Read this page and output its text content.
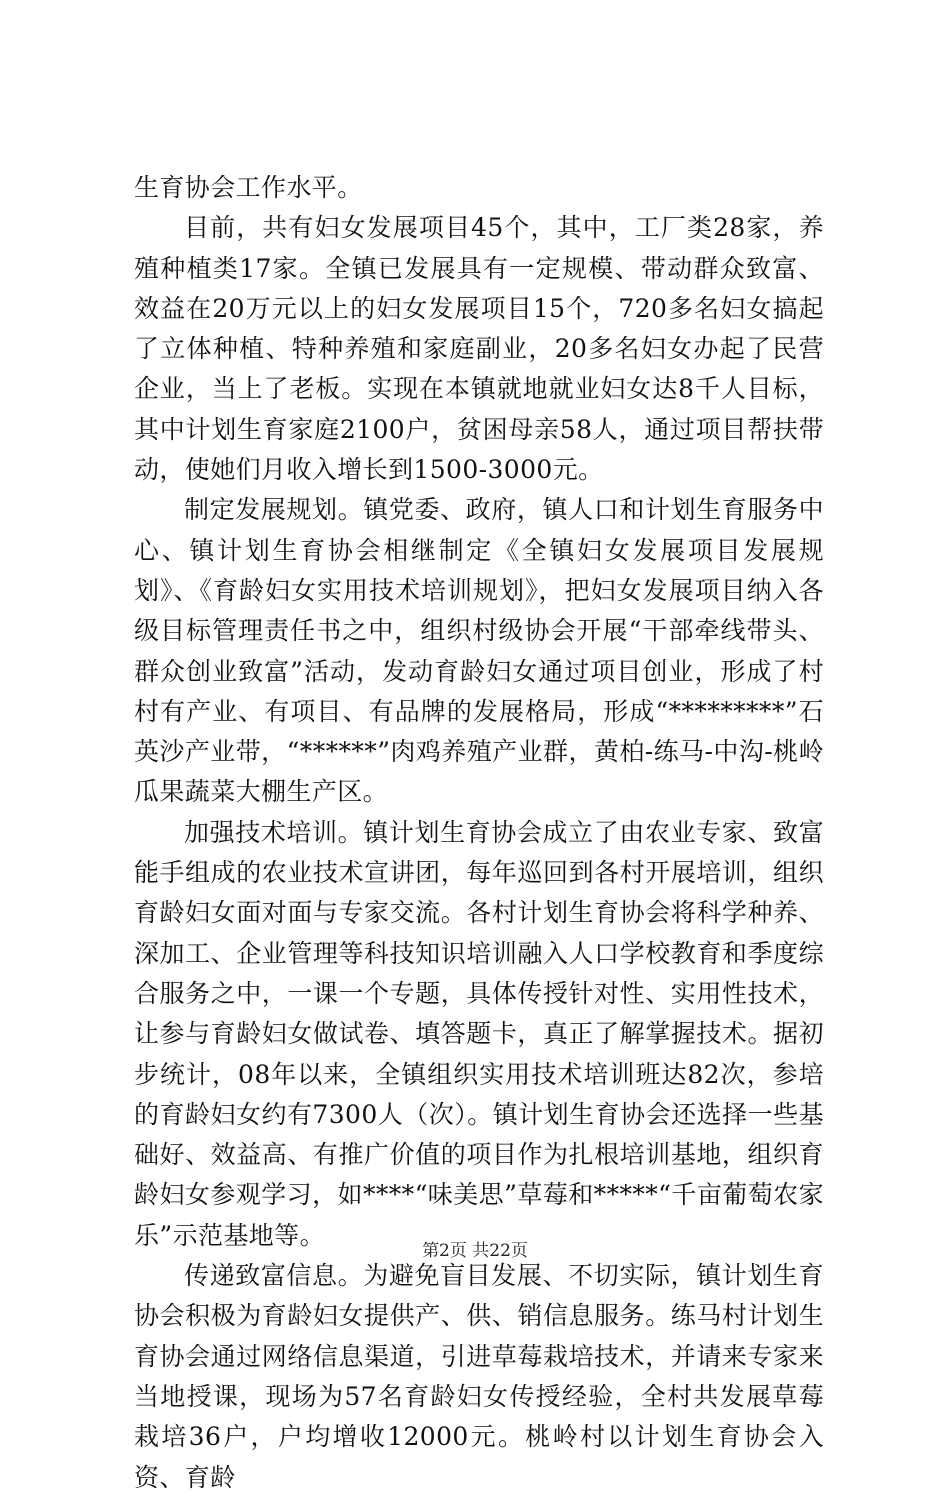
生育协会工作水平。

目前，共有妇女发展项目45个，其中，工厂类28家，养殖种植类17家。全镇已发展具有一定规模、带动群众致富、效益在20万元以上的妇女发展项目15个，720多名妇女搞起了立体种植、特种养殖和家庭副业，20多名妇女办起了民营企业，当上了老板。实现在本镇就地就业妇女达8千人目标，其中计划生育家庭2100户，贫困母亲58人，通过项目帮扶带动，使她们月收入增长到1500-3000元。

制定发展规划。镇党委、政府，镇人口和计划生育服务中心、镇计划生育协会相继制定《全镇妇女发展项目发展规划》、《育龄妇女实用技术培训规划》，把妇女发展项目纳入各级目标管理责任书之中，组织村级协会开展“干部牵线带头、群众创业致富”活动，发动育龄妇女通过项目创业，形成了村村有产业、有项目、有品牌的发展格局，形成“*********”石英沙产业带，“******”肉鸡养殖产业群，黄柏-练马-中沟-桃岭瓜果蔬菜大棚生产区。

加强技术培训。镇计划生育协会成立了由农业专家、致富能手组成的农业技术宣讲团，每年巡回到各村开展培训，组织育龄妇女面对面与专家交流。各村计划生育协会将科学种养、深加工、企业管理等科技知识培训融入人口学校教育和季度综合服务之中，一课一个专题，具体传授针对性、实用性技术，让参与育龄妇女做试卷、填答题卡，真正了解掌握技术。据初步统计，08年以来，全镇组织实用技术培训班达82次，参培的育龄妇女约有7300人（次）。镇计划生育协会还选择一些基础好、效益高、有推广价值的项目作为扎根培训基地，组织育龄妇女参观学习，如****“味美思”草莓和*****“千亩葡萄农家乐”示范基地等。

传递致富信息。为避免盲目发展、不切实际，镇计划生育协会积极为育龄妇女提供产、供、销信息服务。练马村计划生育协会通过网络信息渠道，引进草莓栽培技术，并请来专家来当地授课，现场为57名育龄妇女传授经验，全村共发展草莓栽培36户，户均增收12000元。桃岭村以计划生育协会入资、育龄

第2页 共22页
